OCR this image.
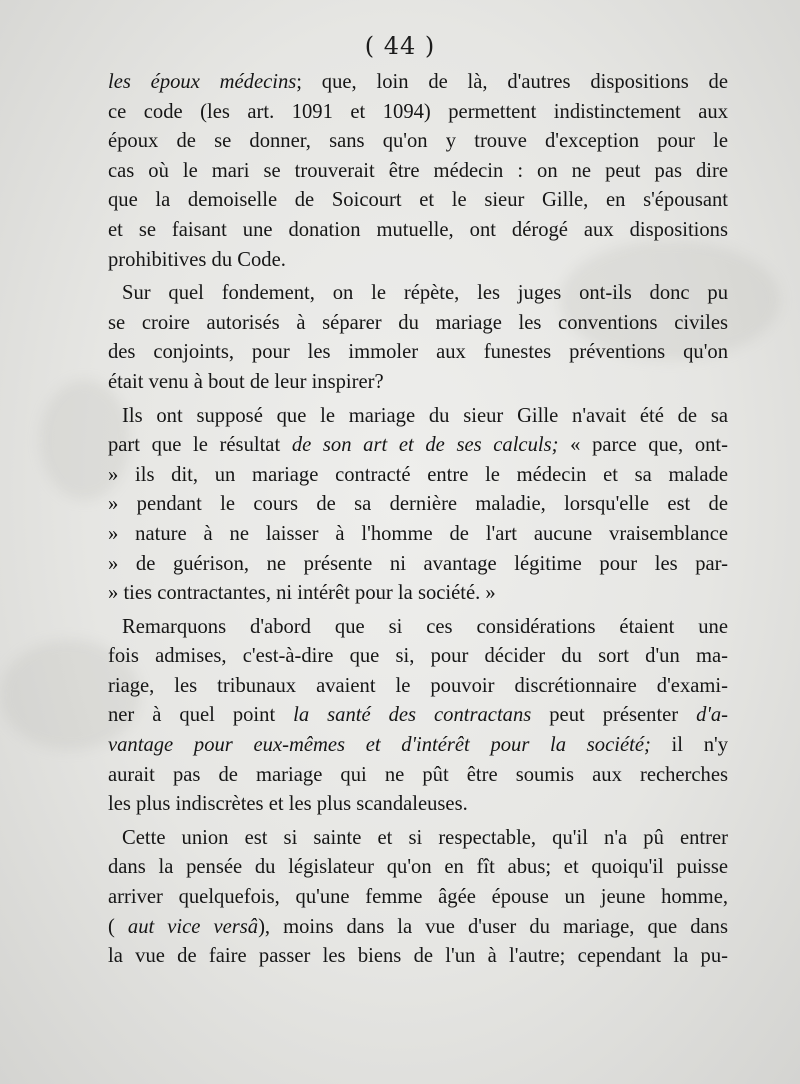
( 44 )

les époux médecins; que, loin de là, d'autres dispositions de

ce code (les art. 1091 et 1094) permettent indistinctement aux

époux de se donner, sans qu'on y trouve d'exception pour le

cas où le mari se trouverait être médecin : on ne peut pas dire

que la demoiselle de Soicourt et le sieur Gille, en s'épousant

et se faisant une donation mutuelle, ont dérogé aux dispositions

prohibitives du Code.

Sur quel fondement, on le répète, les juges ont-ils donc pu

se croire autorisés à séparer du mariage les conventions civiles

des conjoints, pour les immoler aux funestes préventions qu'on

était venu à bout de leur inspirer?

Ils ont supposé que le mariage du sieur Gille n'avait été de sa

part que le résultat de son art et de ses calculs; « parce que, ont-

» ils dit, un mariage contracté entre le médecin et sa malade

» pendant le cours de sa dernière maladie, lorsqu'elle est de

» nature à ne laisser à l'homme de l'art aucune vraisemblance

» de guérison, ne présente ni avantage légitime pour les par-

» ties contractantes, ni intérêt pour la société. »

Remarquons d'abord que si ces considérations étaient une

fois admises, c'est-à-dire que si, pour décider du sort d'un ma-

riage, les tribunaux avaient le pouvoir discrétionnaire d'exami-

ner à quel point la santé des contractans peut présenter d'a-

vantage pour eux-mêmes et d'intérêt pour la société; il n'y

aurait pas de mariage qui ne pût être soumis aux recherches

les plus indiscrètes et les plus scandaleuses.

Cette union est si sainte et si respectable, qu'il n'a pû entrer

dans la pensée du législateur qu'on en fît abus; et quoiqu'il puisse

arriver quelquefois, qu'une femme âgée épouse un jeune homme,

( aut vice versâ), moins dans la vue d'user du mariage, que dans

la vue de faire passer les biens de l'un à l'autre; cependant la pu-
